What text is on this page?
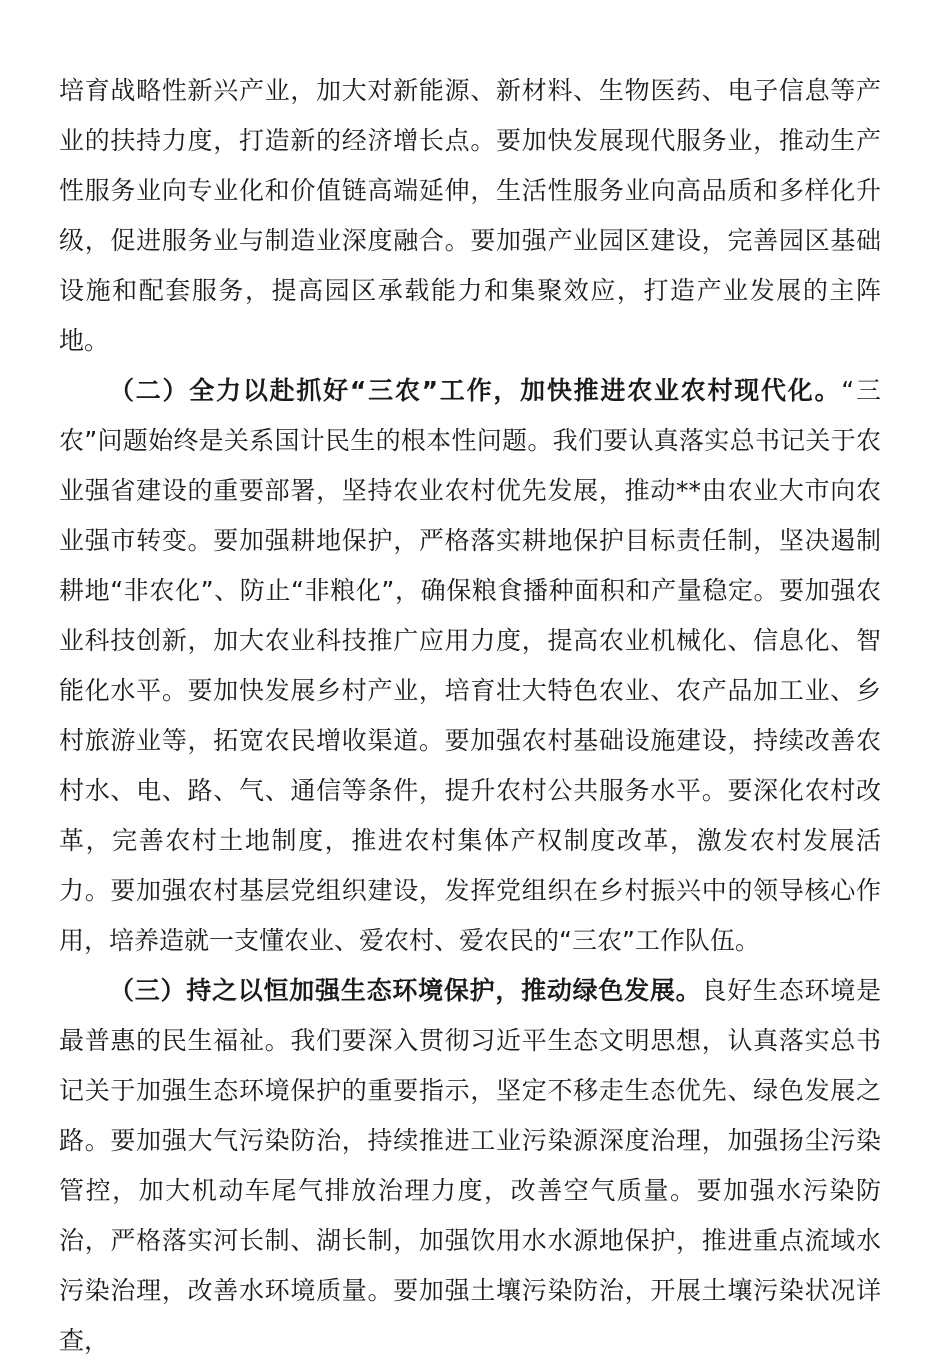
培育战略性新兴产业，加大对新能源、新材料、生物医药、电子信息等产业的扶持力度，打造新的经济增长点。要加快发展现代服务业，推动生产性服务业向专业化和价值链高端延伸，生活性服务业向高品质和多样化升级，促进服务业与制造业深度融合。要加强产业园区建设，完善园区基础设施和配套服务，提高园区承载能力和集聚效应，打造产业发展的主阵地。

（二）全力以赴抓好“三农”工作，加快推进农业农村现代化。“三农”问题始终是关系国计民生的根本性问题。我们要认真落实总书记关于农业强省建设的重要部署，坚持农业农村优先发展，推动**由农业大市向农业强市转变。要加强耕地保护，严格落实耕地保护目标责任制，坚决遏制耕地“非农化”、防止“非粮化”，确保粮食播种面积和产量稳定。要加强农业科技创新，加大农业科技推广应用力度，提高农业机械化、信息化、智能化水平。要加快发展乡村产业，培育壮大特色农业、农产品加工业、乡村旅游业等，拓宽农民增收渠道。要加强农村基础设施建设，持续改善农村水、电、路、气、通信等条件，提升农村公共服务水平。要深化农村改革，完善农村土地制度，推进农村集体产权制度改革，激发农村发展活力。要加强农村基层党组织建设，发挥党组织在乡村振兴中的领导核心作用，培养造就一支懂农业、爱农村、爱农民的“三农”工作队伍。

（三）持之以恒加强生态环境保护，推动绿色发展。良好生态环境是最普惠的民生福祉。我们要深入贯彻习近平生态文明思想，认真落实总书记关于加强生态环境保护的重要指示，坚定不移走生态优先、绿色发展之路。要加强大气污染防治，持续推进工业污染源深度治理，加强扬尘污染管控，加大机动车尾气排放治理力度，改善空气质量。要加强水污染防治，严格落实河长制、湖长制，加强饮用水水源地保护，推进重点流域水污染治理，改善水环境质量。要加强土壤污染防治，开展土壤污染状况详查，
